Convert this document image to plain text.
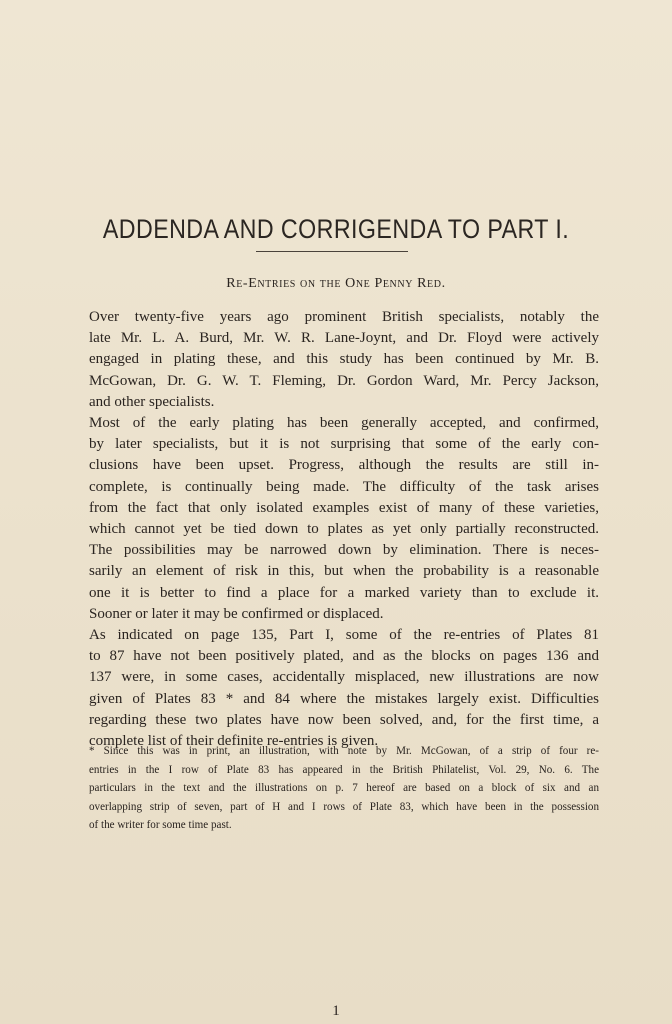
ADDENDA AND CORRIGENDA TO PART I.
Re-Entries on the One Penny Red.

Over twenty-five years ago prominent British specialists, notably the
late Mr. L. A. Burd, Mr. W. R. Lane-Joynt, and Dr. Floyd were actively
engaged in plating these, and this study has been continued by Mr. B.
McGowan, Dr. G. W. T. Fleming, Dr. Gordon Ward, Mr. Percy Jackson,
and other specialists.

Most of the early plating has been generally accepted, and confirmed,
by later specialists, but it is not surprising that some of the early con-
clusions have been upset. Progress, although the results are still in-
complete, is continually being made. The difficulty of the task arises
from the fact that only isolated examples exist of many of these varieties,
which cannot yet be tied down to plates as yet only partially reconstructed.
The possibilities may be narrowed down by elimination. There is neces-
sarily an element of risk in this, but when the probability is a reasonable
one it is better to find a place for a marked variety than to exclude it.
Sooner or later it may be confirmed or displaced.

As indicated on page 135, Part I, some of the re-entries of Plates 81
to 87 have not been positively plated, and as the blocks on pages 136 and
137 were, in some cases, accidentally misplaced, new illustrations are now
given of Plates 83 * and 84 where the mistakes largely exist. Difficulties
regarding these two plates have now been solved, and, for the first time, a
complete list of their definite re-entries is given.

* Since this was in print, an illustration, with note by Mr. McGowan, of a strip of four re-
entries in the I row of Plate 83 has appeared in the British Philatelist, Vol. 29, No. 6. The
particulars in the text and the illustrations on p. 7 hereof are based on a block of six and an
overlapping strip of seven, part of H and I rows of Plate 83, which have been in the possession
of the writer for some time past.
1
